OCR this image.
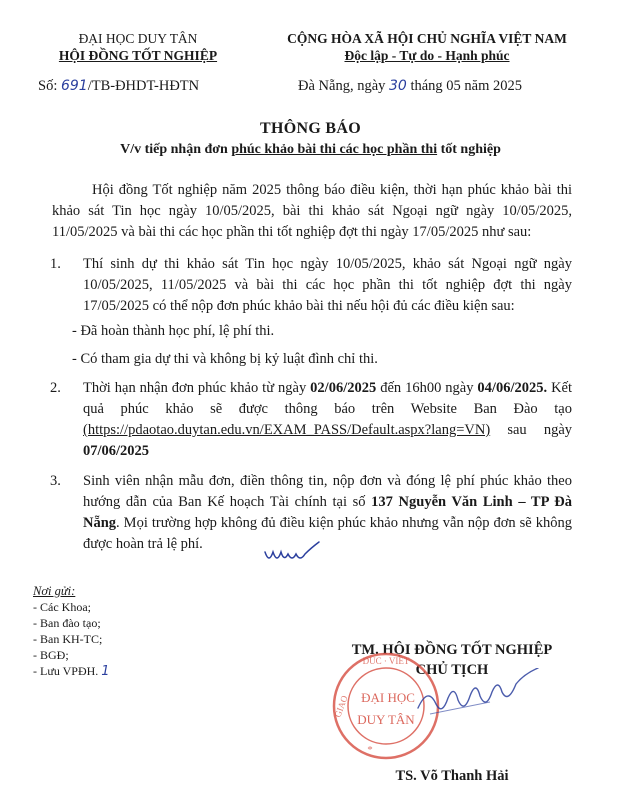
ĐẠI HỌC DUY TÂN
HỘI ĐỒNG TỐT NGHIỆP
CỘNG HÒA XÃ HỘI CHỦ NGHĨA VIỆT NAM
Độc lập - Tự do - Hạnh phúc
Số: 691/TB-ĐHDT-HĐTN	Đà Nẵng, ngày 30 tháng 05 năm 2025
THÔNG BÁO
V/v tiếp nhận đơn phúc khảo bài thi các học phần thi tốt nghiệp
Hội đồng Tốt nghiệp năm 2025 thông báo điều kiện, thời hạn phúc khảo bài thi khảo sát Tin học ngày 10/05/2025, bài thi khảo sát Ngoại ngữ ngày 10/05/2025, 11/05/2025 và bài thi các học phần thi tốt nghiệp đợt thi ngày 17/05/2025 như sau:
1. Thí sinh dự thi khảo sát Tin học ngày 10/05/2025, khảo sát Ngoại ngữ ngày 10/05/2025, 11/05/2025 và bài thi các học phần thi tốt nghiệp đợt thi ngày 17/05/2025 có thể nộp đơn phúc khảo bài thi nếu hội đủ các điều kiện sau:
- Đã hoàn thành học phí, lệ phí thi.
- Có tham gia dự thi và không bị kỷ luật đình chỉ thi.
2. Thời hạn nhận đơn phúc khảo từ ngày 02/06/2025 đến 16h00 ngày 04/06/2025. Kết quả phúc khảo sẽ được thông báo trên Website Ban Đào tạo (https://pdaotao.duytan.edu.vn/EXAM_PASS/Default.aspx?lang=VN) sau ngày 07/06/2025
3. Sinh viên nhận mẫu đơn, điền thông tin, nộp đơn và đóng lệ phí phúc khảo theo hướng dẫn của Ban Kế hoạch Tài chính tại số 137 Nguyễn Văn Linh – TP Đà Nẵng. Mọi trường hợp không đủ điều kiện phúc khảo nhưng vẫn nộp đơn sẽ không được hoàn trả lệ phí.
Nơi gửi:
- Các Khoa;
- Ban đào tạo;
- Ban KH-TC;
- BGĐ;
- Lưu VPĐH. 1
TM. HỘI ĐỒNG TỐT NGHIỆP
CHỦ TỊCH
DUC · VIET
GIAO
*
ĐẠI HỌC
DUY TÂN
TS. Võ Thanh Hải
